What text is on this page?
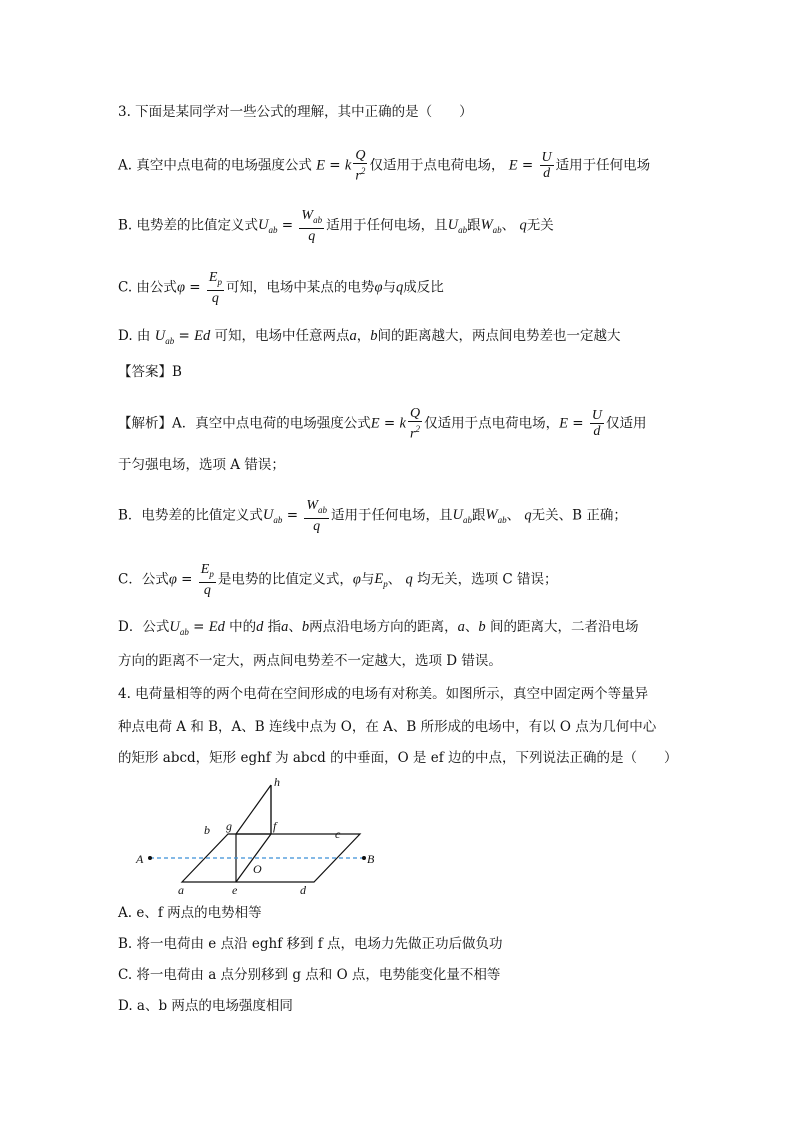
3. 下面是某同学对一些公式的理解，其中正确的是（　　）
A. 真空中点电荷的电场强度公式 E = k $\frac{Q}{r^2}$ 仅适用于点电荷电场， $E = \frac{U}{d}$ 适用于任何电场
B. 电势差的比值定义式$U_{ab} = \frac{W_{ab}}{q}$ 适用于任何电场，且$U_{ab}$跟$W_{ab}$、 q无关
C. 由公式$\varphi = \frac{E_p}{q}$ 可知，电场中某点的电势φ与q成反比
D. 由 $U_{ab} = Ed$ 可知，电场中任意两点a，b间的距离越大，两点间电势差也一定越大
【答案】B
【解析】A．真空中点电荷的电场强度公式E = k $\frac{Q}{r^2}$ 仅适用于点电荷电场，$E = \frac{U}{d}$ 仅适用
于匀强电场，选项 A 错误；
B．电势差的比值定义式$U_{ab} = \frac{W_{ab}}{q}$ 适用于任何电场，且$U_{ab}$跟$W_{ab}$、 q无关、B 正确；
C．公式$\varphi = \frac{E_p}{q}$ 是电势的比值定义式，φ与$E_p$、 q 均无关，选项 C 错误；
D．公式$U_{ab} = Ed$ 中的d 指a、b两点沿电场方向的距离，a、b 间的距离大，二者沿电场
方向的距离不一定大，两点间电势差不一定越大，选项 D 错误。
4. 电荷量相等的两个电荷在空间形成的电场有对称美。如图所示，真空中固定两个等量异
种点电荷 A 和 B，A、B 连线中点为 O，在 A、B 所形成的电场中，有以 O 点为几何中心
的矩形 abcd，矩形 eghf 为 abcd 的中垂面，O 是 ef 边的中点，下列说法正确的是（　　）
h
g	f
b	c
a	e	d
O
A	B
A. e、f 两点的电势相等
B. 将一电荷由 e 点沿 eghf 移到 f 点，电场力先做正功后做负功
C. 将一电荷由 a 点分别移到 g 点和 O 点，电势能变化量不相等
D. a、b 两点的电场强度相同
